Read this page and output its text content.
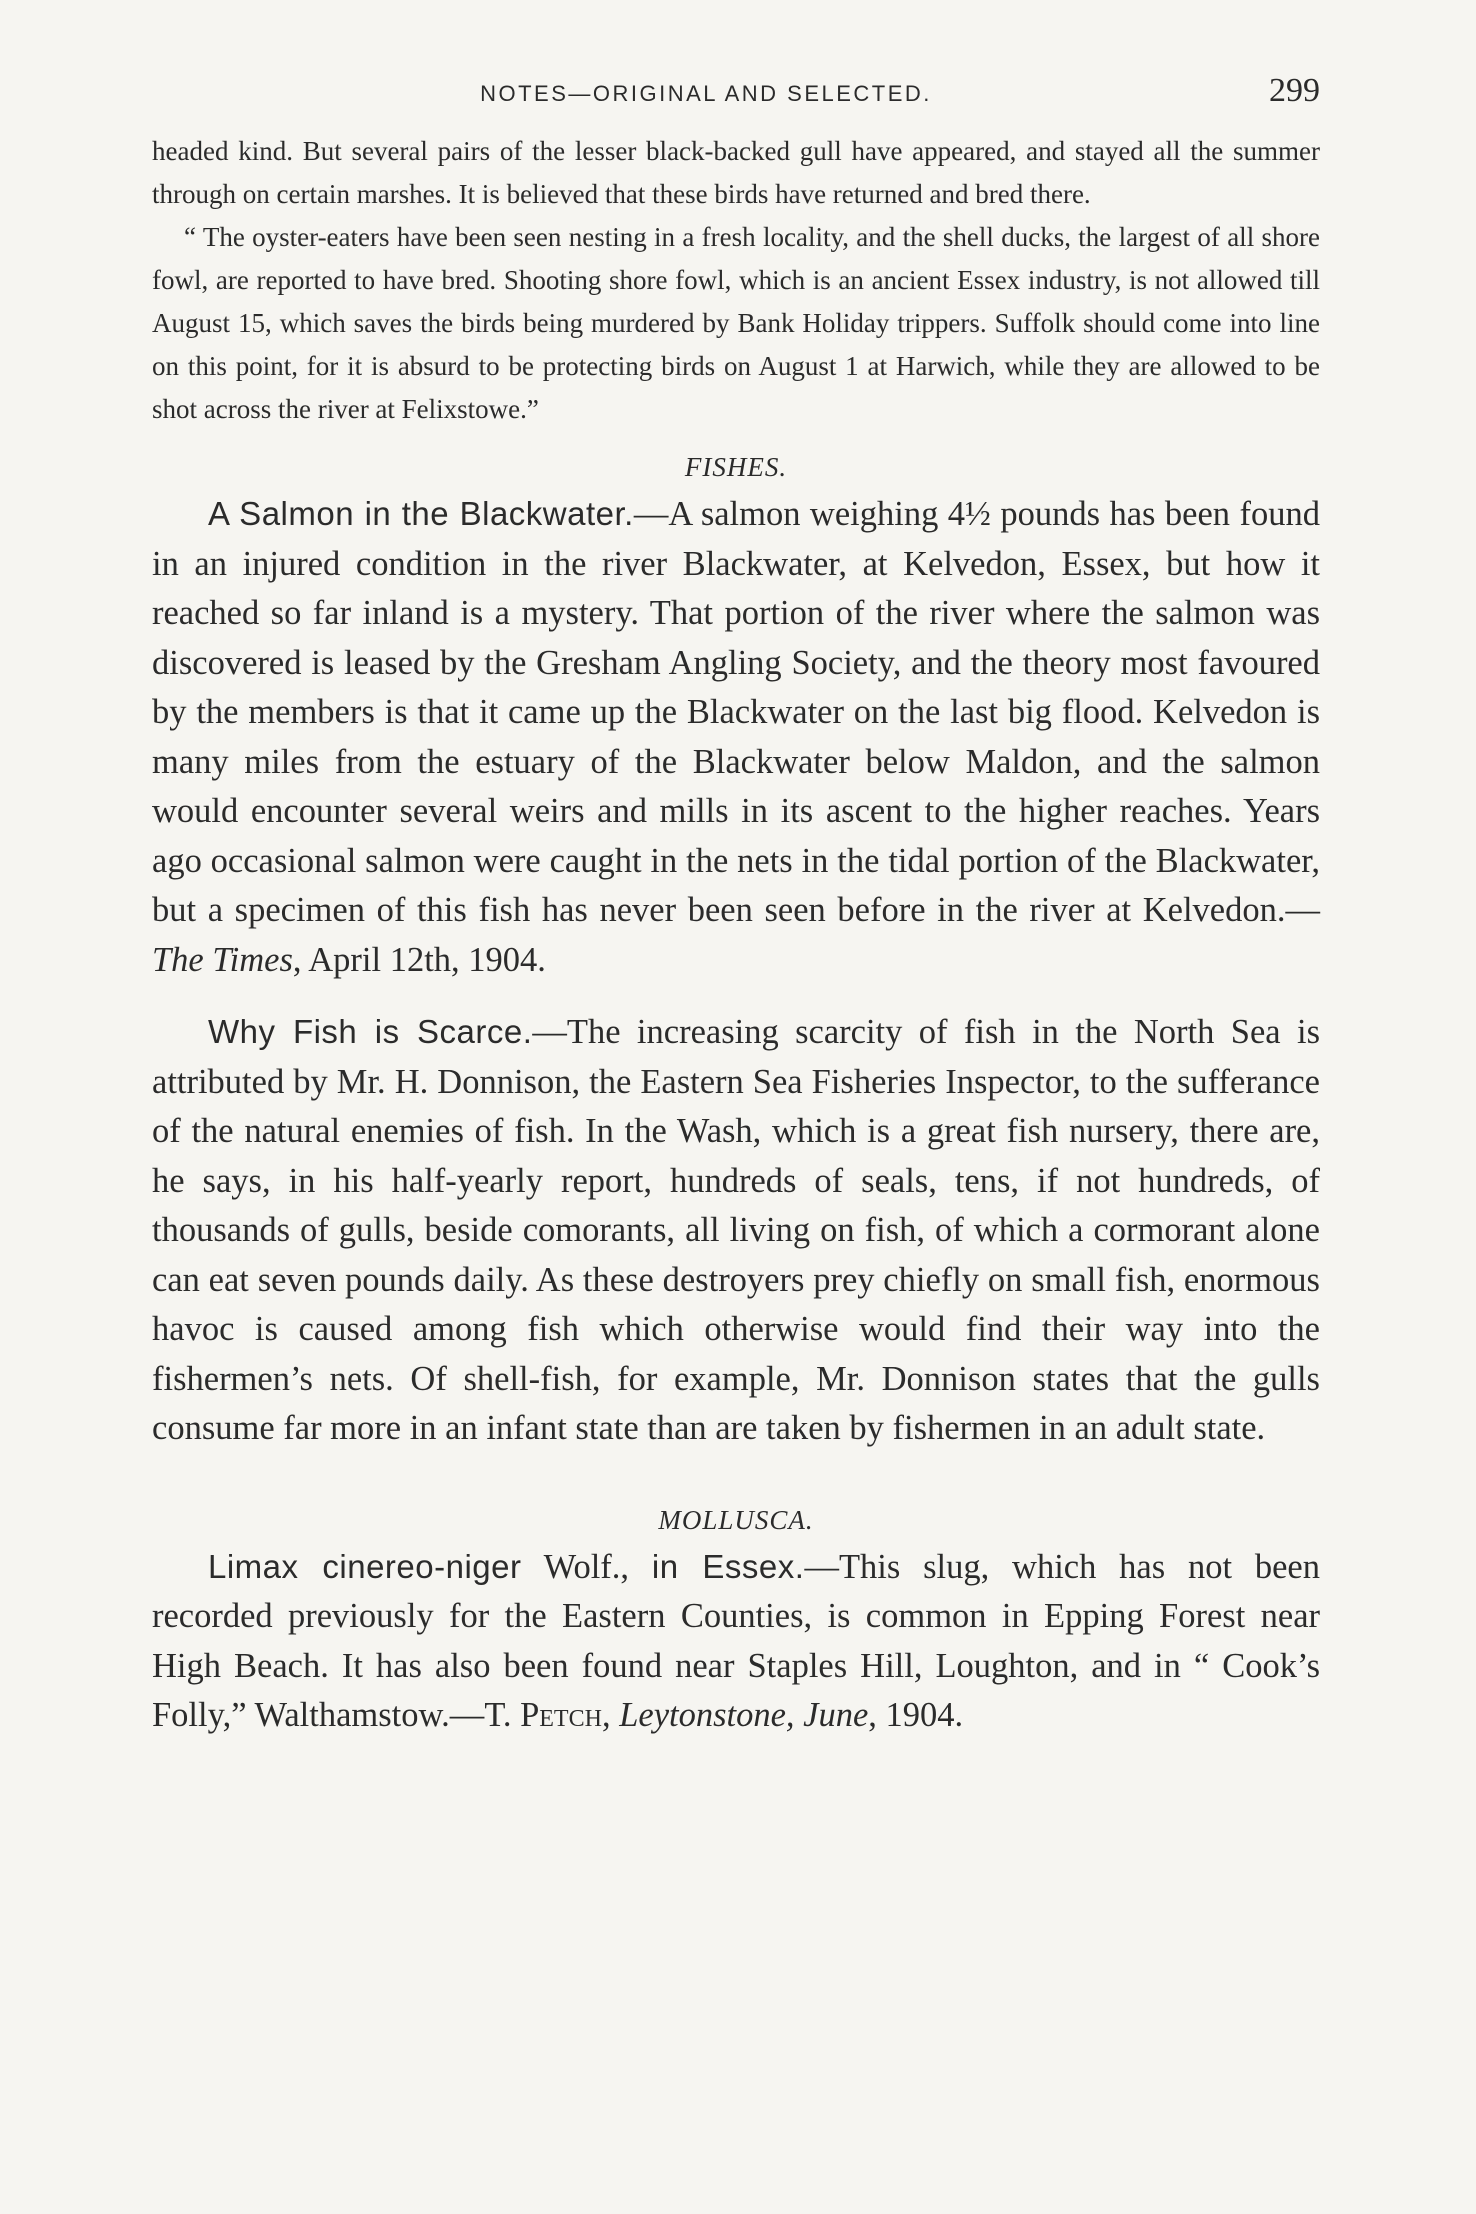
NOTES—ORIGINAL AND SELECTED.	299

headed kind. But several pairs of the lesser black-backed gull have appeared, and stayed all the summer through on certain marshes. It is believed that these birds have returned and bred there.

“ The oyster-eaters have been seen nesting in a fresh locality, and the shell ducks, the largest of all shore fowl, are reported to have bred. Shooting shore fowl, which is an ancient Essex industry, is not allowed till August 15, which saves the birds being murdered by Bank Holiday trippers. Suffolk should come into line on this point, for it is absurd to be protecting birds on August 1 at Harwich, while they are allowed to be shot across the river at Felixstowe.”

FISHES.

A Salmon in the Blackwater.—A salmon weighing 4½ pounds has been found in an injured condition in the river Blackwater, at Kelvedon, Essex, but how it reached so far inland is a mystery. That portion of the river where the salmon was discovered is leased by the Gresham Angling Society, and the theory most favoured by the members is that it came up the Blackwater on the last big flood. Kelvedon is many miles from the estuary of the Blackwater below Maldon, and the salmon would encounter several weirs and mills in its ascent to the higher reaches. Years ago occasional salmon were caught in the nets in the tidal portion of the Blackwater, but a specimen of this fish has never been seen before in the river at Kelvedon.—The Times, April 12th, 1904.

Why Fish is Scarce.—The increasing scarcity of fish in the North Sea is attributed by Mr. H. Donnison, the Eastern Sea Fisheries Inspector, to the sufferance of the natural enemies of fish. In the Wash, which is a great fish nursery, there are, he says, in his half-yearly report, hundreds of seals, tens, if not hundreds, of thousands of gulls, beside comorants, all living on fish, of which a cormorant alone can eat seven pounds daily. As these destroyers prey chiefly on small fish, enormous havoc is caused among fish which otherwise would find their way into the fishermen’s nets. Of shell-fish, for example, Mr. Donnison states that the gulls consume far more in an infant state than are taken by fishermen in an adult state.

MOLLUSCA.

Limax cinereo-niger Wolf., in Essex.—This slug, which has not been recorded previously for the Eastern Counties, is common in Epping Forest near High Beach. It has also been found near Staples Hill, Loughton, and in “ Cook’s Folly,” Walthamstow.—T. Petch, Leytonstone, June, 1904.
